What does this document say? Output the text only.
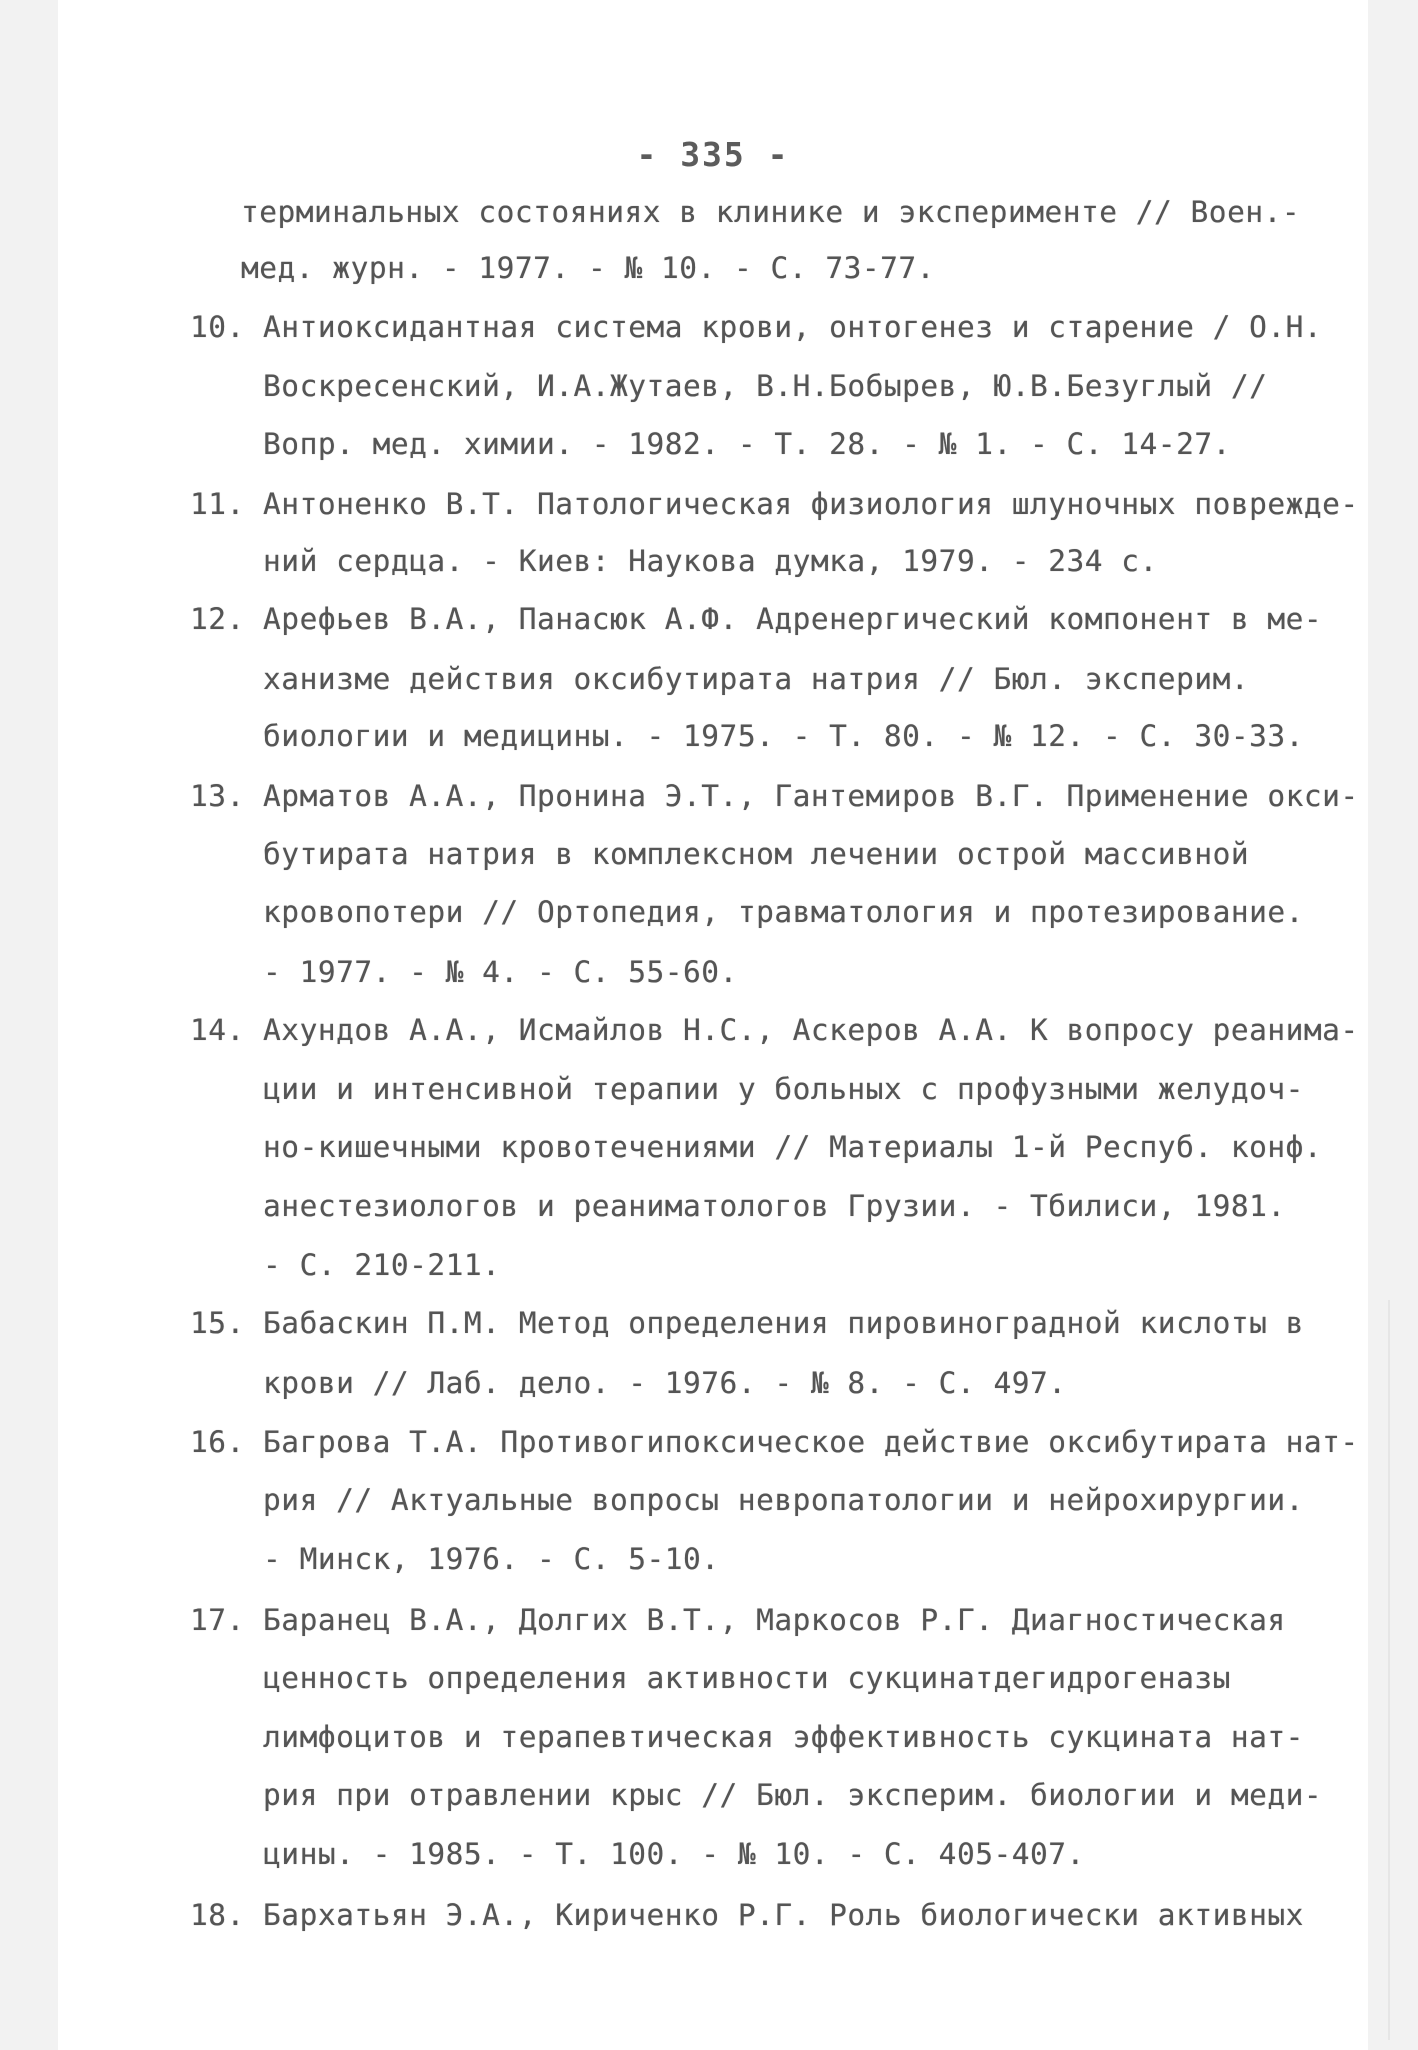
- 335 -
терминальных состояниях в клинике и эксперименте // Воен.-
мед. журн. - 1977. - № 10. - С. 73-77.
10. Антиоксидантная система крови, онтогенез и старение / О.Н.
Воскресенский, И.А.Жутаев, В.Н.Бобырев, Ю.В.Безуглый //
Вопр. мед. химии. - 1982. - Т. 28. - № 1. - С. 14-27.
11. Антоненко В.Т. Патологическая физиология шлуночных поврежде-
ний сердца. - Киев: Наукова думка, 1979. - 234 с.
12. Арефьев В.А., Панасюк А.Ф. Адренергический компонент в ме-
ханизме действия оксибутирата натрия // Бюл. эксперим.
биологии и медицины. - 1975. - Т. 80. - № 12. - С. 30-33.
13. Арматов А.А., Пронина Э.Т., Гантемиров В.Г. Применение окси-
бутирата натрия в комплексном лечении острой массивной
кровопотери // Ортопедия, травматология и протезирование.
- 1977. - № 4. - С. 55-60.
14. Ахундов А.А., Исмайлов Н.С., Аскеров А.А. К вопросу реанима-
ции и интенсивной терапии у больных с профузными желудоч-
но-кишечными кровотечениями // Материалы 1-й Респуб. конф.
анестезиологов и реаниматологов Грузии. - Тбилиси, 1981.
- С. 210-211.
15. Бабаскин П.М. Метод определения пировиноградной кислоты в
крови // Лаб. дело. - 1976. - № 8. - С. 497.
16. Багрова Т.А. Противогипоксическое действие оксибутирата нат-
рия // Актуальные вопросы невропатологии и нейрохирургии.
- Минск, 1976. - С. 5-10.
17. Баранец В.А., Долгих В.Т., Маркосов Р.Г. Диагностическая
ценность определения активности сукцинатдегидрогеназы
лимфоцитов и терапевтическая эффективность сукцината нат-
рия при отравлении крыс // Бюл. эксперим. биологии и меди-
цины. - 1985. - Т. 100. - № 10. - С. 405-407.
18. Бархатьян Э.А., Кириченко Р.Г. Роль биологически активных
